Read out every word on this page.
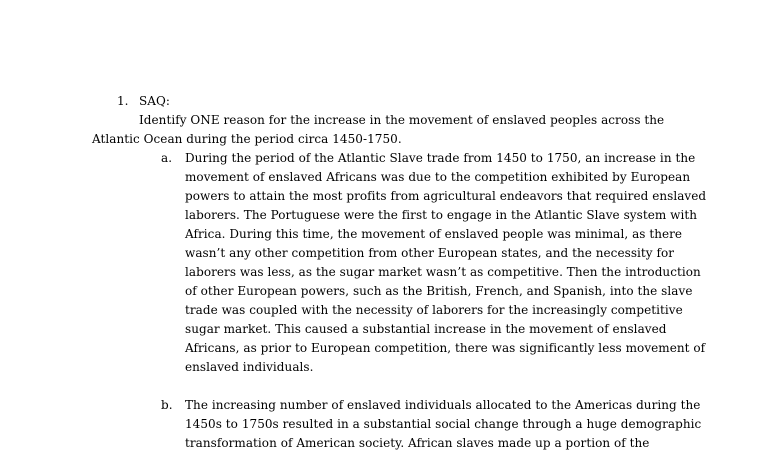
1. SAQ:
Identify ONE reason for the increase in the movement of enslaved peoples across the
Atlantic Ocean during the period circa 1450-1750.
a. During the period of the Atlantic Slave trade from 1450 to 1750, an increase in the
movement of enslaved Africans was due to the competition exhibited by European
powers to attain the most profits from agricultural endeavors that required enslaved
laborers. The Portuguese were the first to engage in the Atlantic Slave system with
Africa. During this time, the movement of enslaved people was minimal, as there
wasn’t any other competition from other European states, and the necessity for
laborers was less, as the sugar market wasn’t as competitive. Then the introduction
of other European powers, such as the British, French, and Spanish, into the slave
trade was coupled with the necessity of laborers for the increasingly competitive
sugar market. This caused a substantial increase in the movement of enslaved
Africans, as prior to European competition, there was significantly less movement of
enslaved individuals.
b. The increasing number of enslaved individuals allocated to the Americas during the
1450s to 1750s resulted in a substantial social change through a huge demographic
transformation of American society. African slaves made up a portion of the
